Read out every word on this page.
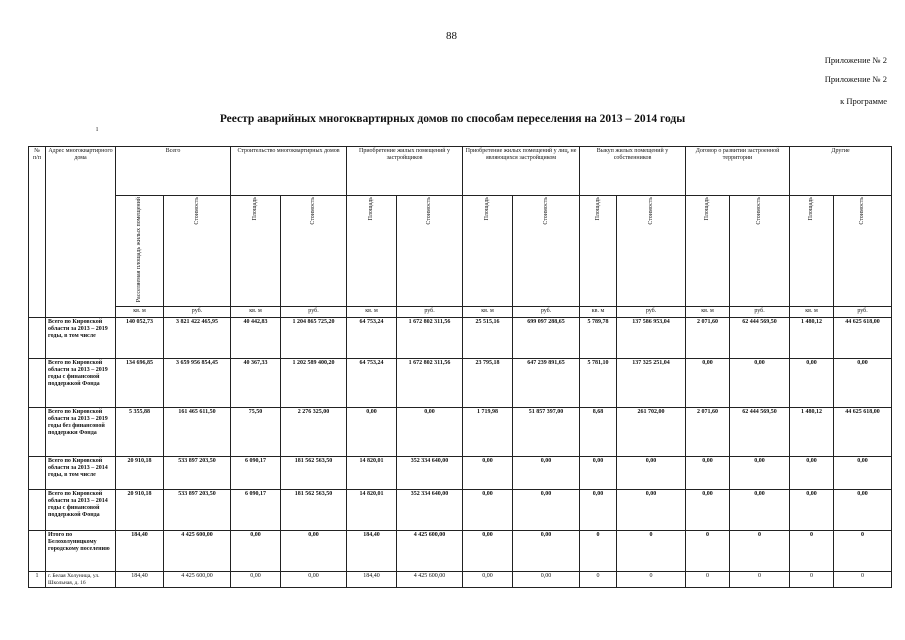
88
Приложение № 2
Приложение № 2
к Программе
ı
Реестр аварийных многоквартирных домов по способам переселения на 2013 – 2014 годы
№ п/п	Адрес многоквартирного дома	Всего		Строительство многоквартирных домов		Приобретение жилых помещений у застройщиков		Приобретение жилых помещений у лиц, не являющихся застройщиком		Выкуп жилых помещений у собственников		Договор о развитии застроенной территории		Другие	
		Расселяемая площадь жилых помещений	Стоимость	Площадь	Стоимость	Площадь	Стоимость	Площадь	Стоимость	Площадь	Стоимость	Площадь	Стоимость	Площадь	Стоимость
		кв. м	руб.	кв. м	руб.	кв. м	руб.	кв. м	руб.	кв. м	руб.	кв. м	руб.	кв. м	руб.
	Всего по Кировской области за 2013 – 2019 годы, в том числе	140 052,73	3 821 422 465,95	40 442,83	1 204 865 725,20	64 753,24	1 672 802 311,56	25 515,16	699 097 288,65	5 789,78	137 586 953,04	2 071,60	62 444 569,50	1 480,12	44 625 618,00
	Всего по Кировской области за 2013 – 2019 годы с финансовой поддержкой Фонда	134 696,85	3 659 956 854,45	40 367,33	1 202 589 400,20	64 753,24	1 672 802 311,56	23 795,18	647 239 891,65	5 781,10	137 325 251,04	0,00	0,00	0,00	0,00
	Всего по Кировской области за 2013 – 2019 годы без финансовой поддержки Фонда	5 355,88	161 465 611,50	75,50	2 276 325,00	0,00	0,00	1 719,98	51 857 397,00	8,68	261 702,00	2 071,60	62 444 569,50	1 480,12	44 625 618,00
	Всего по Кировской области за 2013 – 2014 годы, в том числе	20 910,18	533 897 203,50	6 090,17	181 562 563,50	14 820,01	352 334 640,00	0,00	0,00	0,00	0,00	0,00	0,00	0,00	0,00
	Всего по Кировской области за 2013 – 2014 годы с финансовой поддержкой Фонда	20 910,18	533 897 203,50	6 090,17	181 562 563,50	14 820,01	352 334 640,00	0,00	0,00	0,00	0,00	0,00	0,00	0,00	0,00
	Итого по Белохолуницкому городскому поселению	184,40	4 425 600,00	0,00	0,00	184,40	4 425 600,00	0,00	0,00	0	0	0	0	0	0
1	г. Белая Холуница, ул. Школьная, д. 16	184,40	4 425 600,00	0,00	0,00	184,40	4 425 600,00	0,00	0,00	0	0	0	0	0	0
